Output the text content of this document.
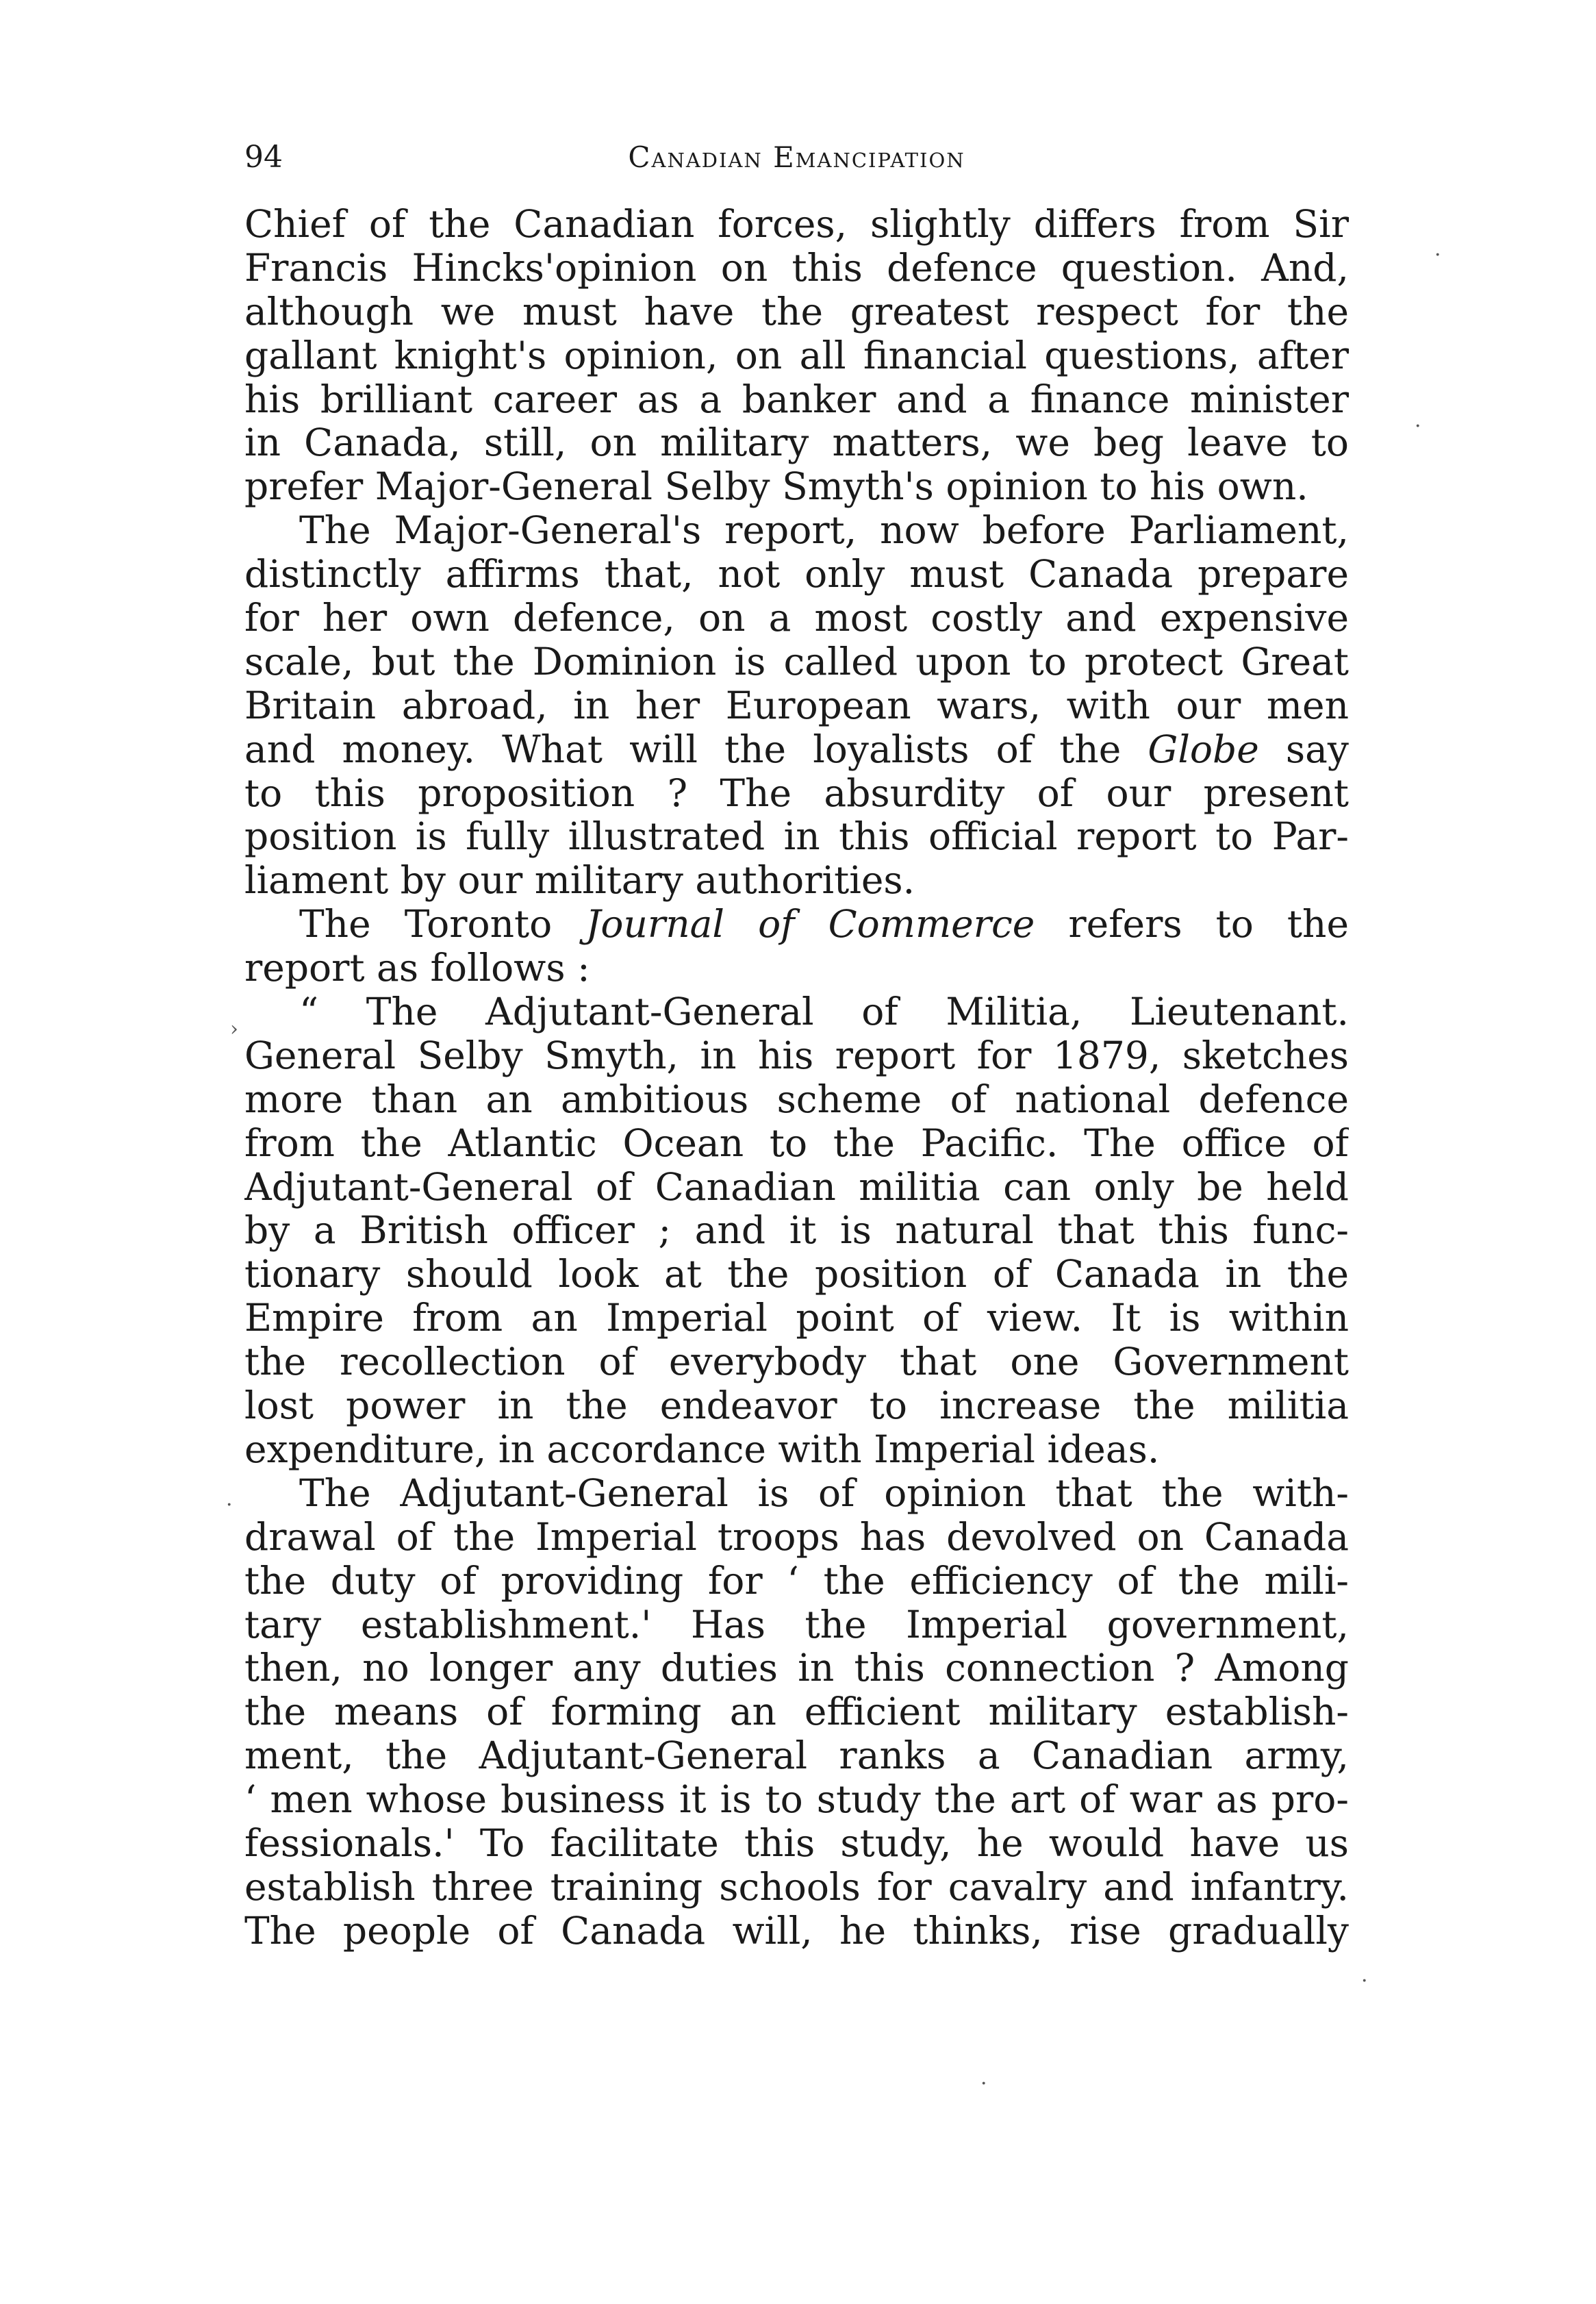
94	Canadian Emancipation
Chief of the Canadian forces, slightly differs from Sir
Francis Hincks'opinion on this defence question. And,
although we must have the greatest respect for the
gallant knight's opinion, on all financial questions, after
his brilliant career as a banker and a finance minister
in Canada, still, on military matters, we beg leave to
prefer Major-General Selby Smyth's opinion to his own.
The Major-General's report, now before Parliament,
distinctly affirms that, not only must Canada prepare
for her own defence, on a most costly and expensive
scale, but the Dominion is called upon to protect Great
Britain abroad, in her European wars, with our men
and money. What will the loyalists of the Globe say
to this proposition ? The absurdity of our present
position is fully illustrated in this official report to Par-
liament by our military authorities.
The Toronto Journal of Commerce refers to the
report as follows :
“ The Adjutant-General of Militia, Lieutenant.
General Selby Smyth, in his report for 1879, sketches
more than an ambitious scheme of national defence
from the Atlantic Ocean to the Pacific. The office of
Adjutant-General of Canadian militia can only be held
by a British officer ; and it is natural that this func-
tionary should look at the position of Canada in the
Empire from an Imperial point of view. It is within
the recollection of everybody that one Government
lost power in the endeavor to increase the militia
expenditure, in accordance with Imperial ideas.
The Adjutant-General is of opinion that the with-
drawal of the Imperial troops has devolved on Canada
the duty of providing for ‘ the efficiency of the mili-
tary establishment.' Has the Imperial government,
then, no longer any duties in this connection ? Among
the means of forming an efficient military establish-
ment, the Adjutant-General ranks a Canadian army,
‘ men whose business it is to study the art of war as pro-
fessionals.' To facilitate this study, he would have us
establish three training schools for cavalry and infantry.
The people of Canada will, he thinks, rise gradually
·
·
›
·
·
·
